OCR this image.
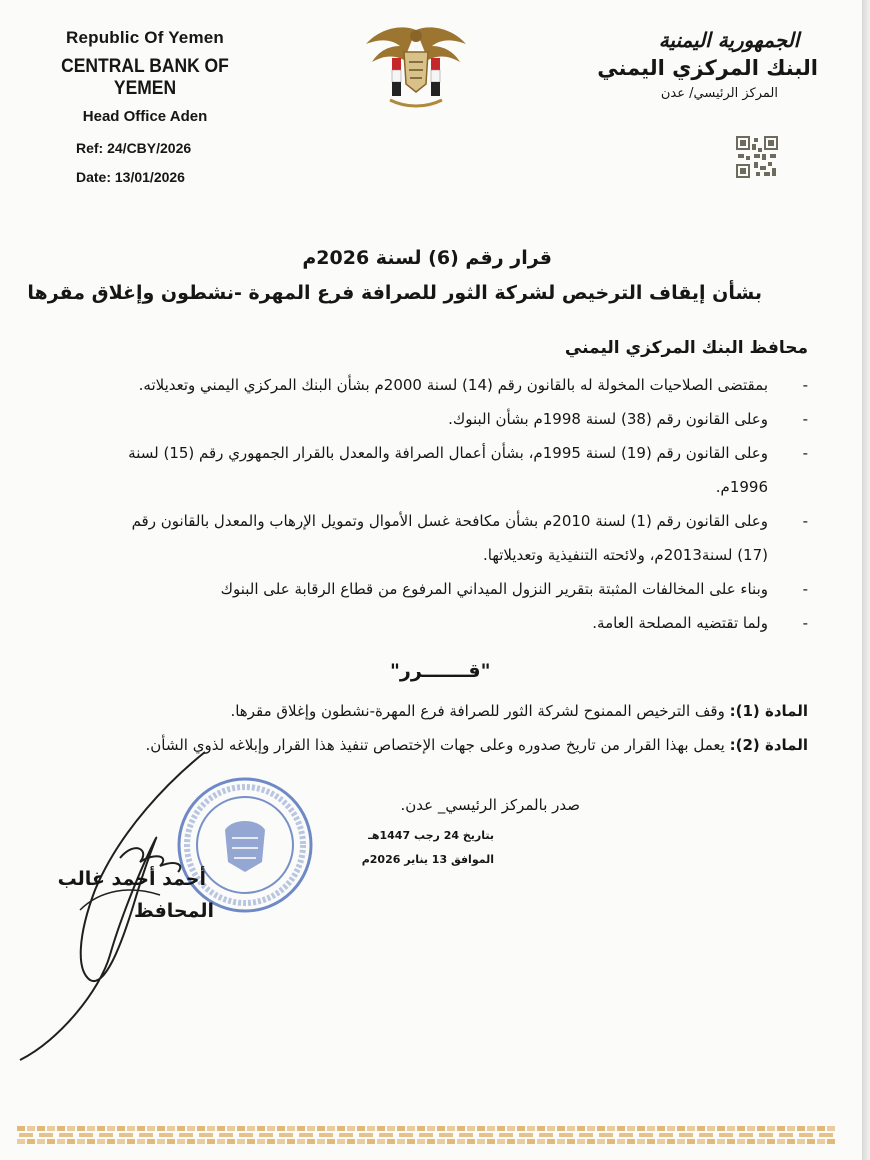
Republic Of Yemen
CENTRAL BANK OF YEMEN
Head Office Aden
Ref: 24/CBY/2026
Date: 13/01/2026
الجمهورية اليمنية
البنك المركزي اليمني
المركز الرئيسي/ عدن
قرار رقم (6) لسنة 2026م
بشأن إيقاف الترخيص لشركة الثور للصرافة فرع المهرة -نشطون وإغلاق مقرها
محافظ البنك المركزي اليمني
-
بمقتضى الصلاحيات المخولة له بالقانون رقم (14) لسنة 2000م بشأن البنك المركزي اليمني وتعديلاته.
-
وعلى القانون رقم (38) لسنة 1998م بشأن البنوك.
-
وعلى القانون رقم (19) لسنة 1995م، بشأن أعمال الصرافة والمعدل بالقرار الجمهوري رقم (15) لسنة 1996م.
-
وعلى القانون رقم (1) لسنة 2010م بشأن مكافحة غسل الأموال وتمويل الإرهاب والمعدل بالقانون رقم (17) لسنة2013م، ولائحته التنفيذية وتعديلاتها.
-
وبناء على المخالفات المثبتة بتقرير النزول الميداني المرفوع من قطاع الرقابة على البنوك
-
ولما تقتضيه المصلحة العامة.
"قـــــــرر"
المادة (1): وقف الترخيص الممنوح لشركة الثور للصرافة فرع المهرة-نشطون وإغلاق مقرها.
المادة (2): يعمل بهذا القرار من تاريخ صدوره وعلى جهات الإختصاص تنفيذ هذا القرار وإبلاغه لذوي الشأن.
صدر بالمركز الرئيسي_ عدن.
بتاريخ 24 رجب 1447هـ
الموافق 13 يناير 2026م
أحمد أحمد غالب
المحافظ
